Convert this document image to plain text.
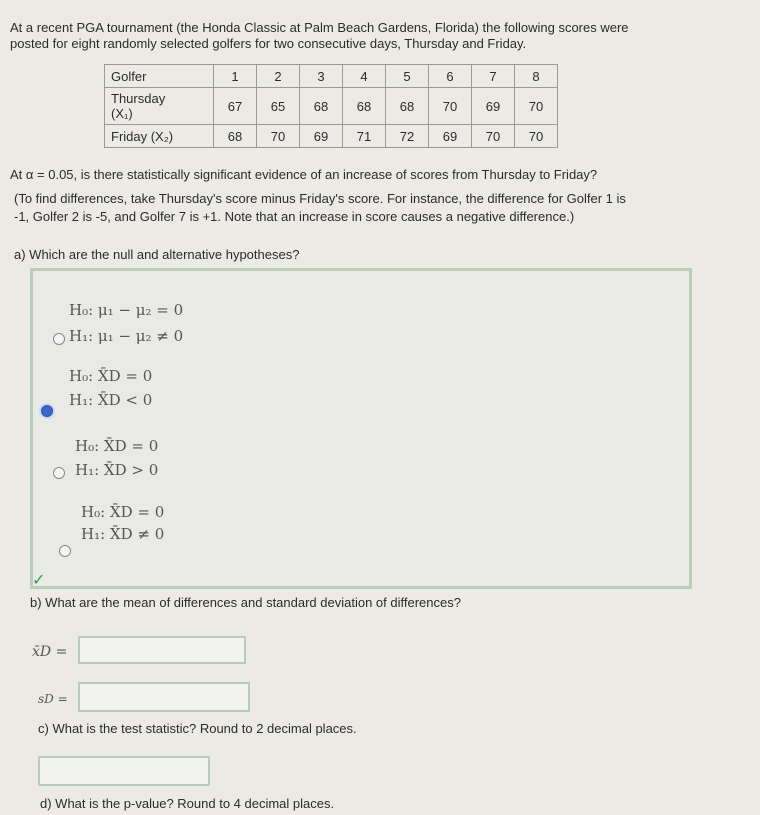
At a recent PGA tournament (the Honda Classic at Palm Beach Gardens, Florida) the following scores were
posted for eight randomly selected golfers for two consecutive days, Thursday and Friday.
Golfer	1	2	3	4	5	6	7	8

Thursday
(X₁)	67	65	68	68	68	70	69	70
Friday (X₂)	68	70	69	71	72	69	70	70
At α = 0.05, is there statistically significant evidence of an increase of scores from Thursday to Friday?
(To find differences, take Thursday's score minus Friday's score. For instance, the difference for Golfer 1 is
-1, Golfer 2 is -5, and Golfer 7 is +1. Note that an increase in score causes a negative difference.)
a) Which are the null and alternative hypotheses?
H₀: μ₁ − μ₂ = 0
H₁: μ₁ − μ₂ ≠ 0
H₀: X̄D = 0
H₁: X̄D < 0
H₀: X̄D = 0
H₁: X̄D > 0
H₀: X̄D = 0
H₁: X̄D ≠ 0
✓
b) What are the mean of differences and standard deviation of differences?
x̄D =
sD =
c) What is the test statistic? Round to 2 decimal places.
d) What is the p-value? Round to 4 decimal places.
